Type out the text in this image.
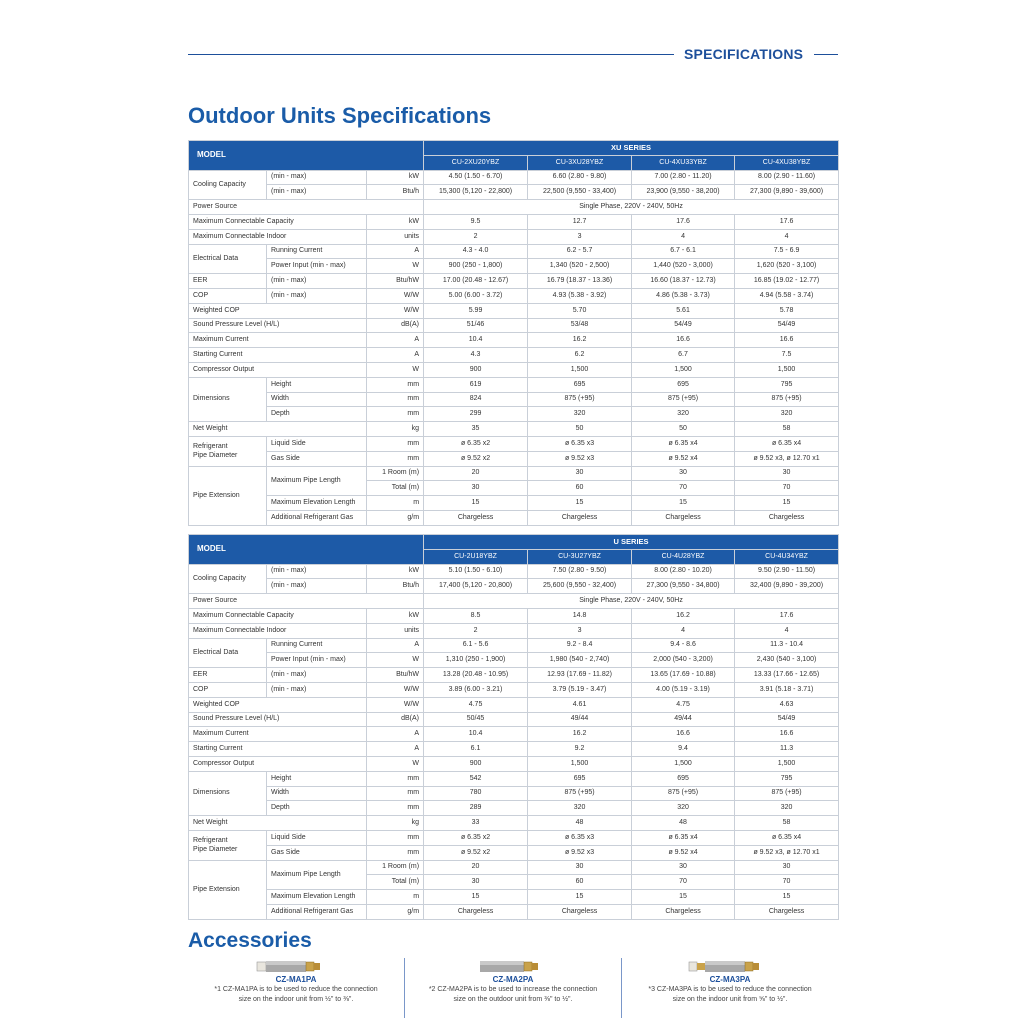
SPECIFICATIONS
Outdoor Units Specifications
MODEL			XU SERIES			
			CU-2XU20YBZ	CU-3XU28YBZ	CU-4XU33YBZ	CU-4XU38YBZ
Cooling Capacity	(min - max)	kW	4.50 (1.50 - 6.70)	6.60 (2.80 - 9.80)	7.00 (2.80 - 11.20)	8.00 (2.90 - 11.60)
	(min - max)	Btu/h	15,300 (5,120 - 22,800)	22,500 (9,550 - 33,400)	23,900 (9,550 - 38,200)	27,300 (9,890 - 39,600)
Power Source			Single Phase, 220V - 240V, 50Hz			
Maximum Connectable Capacity		kW	9.5	12.7	17.6	17.6
Maximum Connectable Indoor		units	2	3	4	4
Electrical Data	Running Current	A	4.3 - 4.0	6.2 - 5.7	6.7 - 6.1	7.5 - 6.9
	Power Input (min - max)	W	900 (250 - 1,800)	1,340 (520 - 2,500)	1,440 (520 - 3,000)	1,620 (520 - 3,100)
EER	(min - max)	Btu/hW	17.00 (20.48 - 12.67)	16.79 (18.37 - 13.36)	16.60 (18.37 - 12.73)	16.85 (19.02 - 12.77)
COP	(min - max)	W/W	5.00 (6.00 - 3.72)	4.93 (5.38 - 3.92)	4.86 (5.38 - 3.73)	4.94 (5.58 - 3.74)
Weighted COP		W/W	5.99	5.70	5.61	5.78
Sound Pressure Level (H/L)		dB(A)	51/46	53/48	54/49	54/49
Maximum Current		A	10.4	16.2	16.6	16.6
Starting Current		A	4.3	6.2	6.7	7.5
Compressor Output		W	900	1,500	1,500	1,500
Dimensions	Height	mm	619	695	695	795
	Width	mm	824	875 (+95)	875 (+95)	875 (+95)
	Depth	mm	299	320	320	320
Net Weight		kg	35	50	50	58
Refrigerant
Pipe Diameter	Liquid Side	mm	ø 6.35 x2	ø 6.35 x3	ø 6.35 x4	ø 6.35 x4
	Gas Side	mm	ø 9.52 x2	ø 9.52 x3	ø 9.52 x4	ø 9.52 x3, ø 12.70 x1
Pipe Extension	Maximum Pipe Length	1 Room (m)	20	30	30	30
		Total (m)	30	60	70	70
	Maximum Elevation Length	m	15	15	15	15
	Additional Refrigerant Gas	g/m	Chargeless	Chargeless	Chargeless	Chargeless
MODEL			U SERIES			
			CU-2U18YBZ	CU-3U27YBZ	CU-4U28YBZ	CU-4U34YBZ
Cooling Capacity	(min - max)	kW	5.10 (1.50 - 6.10)	7.50 (2.80 - 9.50)	8.00 (2.80 - 10.20)	9.50 (2.90 - 11.50)
	(min - max)	Btu/h	17,400 (5,120 - 20,800)	25,600 (9,550 - 32,400)	27,300 (9,550 - 34,800)	32,400 (9,890 - 39,200)
Power Source			Single Phase, 220V - 240V, 50Hz			
Maximum Connectable Capacity		kW	8.5	14.8	16.2	17.6
Maximum Connectable Indoor		units	2	3	4	4
Electrical Data	Running Current	A	6.1 - 5.6	9.2 - 8.4	9.4 - 8.6	11.3 - 10.4
	Power Input (min - max)	W	1,310 (250 - 1,900)	1,980 (540 - 2,740)	2,000 (540 - 3,200)	2,430 (540 - 3,100)
EER	(min - max)	Btu/hW	13.28 (20.48 - 10.95)	12.93 (17.69 - 11.82)	13.65 (17.69 - 10.88)	13.33 (17.66 - 12.65)
COP	(min - max)	W/W	3.89 (6.00 - 3.21)	3.79 (5.19 - 3.47)	4.00 (5.19 - 3.19)	3.91 (5.18 - 3.71)
Weighted COP		W/W	4.75	4.61	4.75	4.63
Sound Pressure Level (H/L)		dB(A)	50/45	49/44	49/44	54/49
Maximum Current		A	10.4	16.2	16.6	16.6
Starting Current		A	6.1	9.2	9.4	11.3
Compressor Output		W	900	1,500	1,500	1,500
Dimensions	Height	mm	542	695	695	795
	Width	mm	780	875 (+95)	875 (+95)	875 (+95)
	Depth	mm	289	320	320	320
Net Weight		kg	33	48	48	58
Refrigerant
Pipe Diameter	Liquid Side	mm	ø 6.35 x2	ø 6.35 x3	ø 6.35 x4	ø 6.35 x4
	Gas Side	mm	ø 9.52 x2	ø 9.52 x3	ø 9.52 x4	ø 9.52 x3, ø 12.70 x1
Pipe Extension	Maximum Pipe Length	1 Room (m)	20	30	30	30
		Total (m)	30	60	70	70
	Maximum Elevation Length	m	15	15	15	15
	Additional Refrigerant Gas	g/m	Chargeless	Chargeless	Chargeless	Chargeless
Accessories
CZ-MA1PA
*1 CZ-MA1PA is to be used to reduce the connection
size on the indoor unit from ½" to ⅜".
CZ-MA2PA
*2 CZ-MA2PA is to be used to increase the connection
size on the outdoor unit from ⅜" to ½".
CZ-MA3PA
*3 CZ-MA3PA is to be used to reduce the connection
size on the indoor unit from ⅝" to ½".
